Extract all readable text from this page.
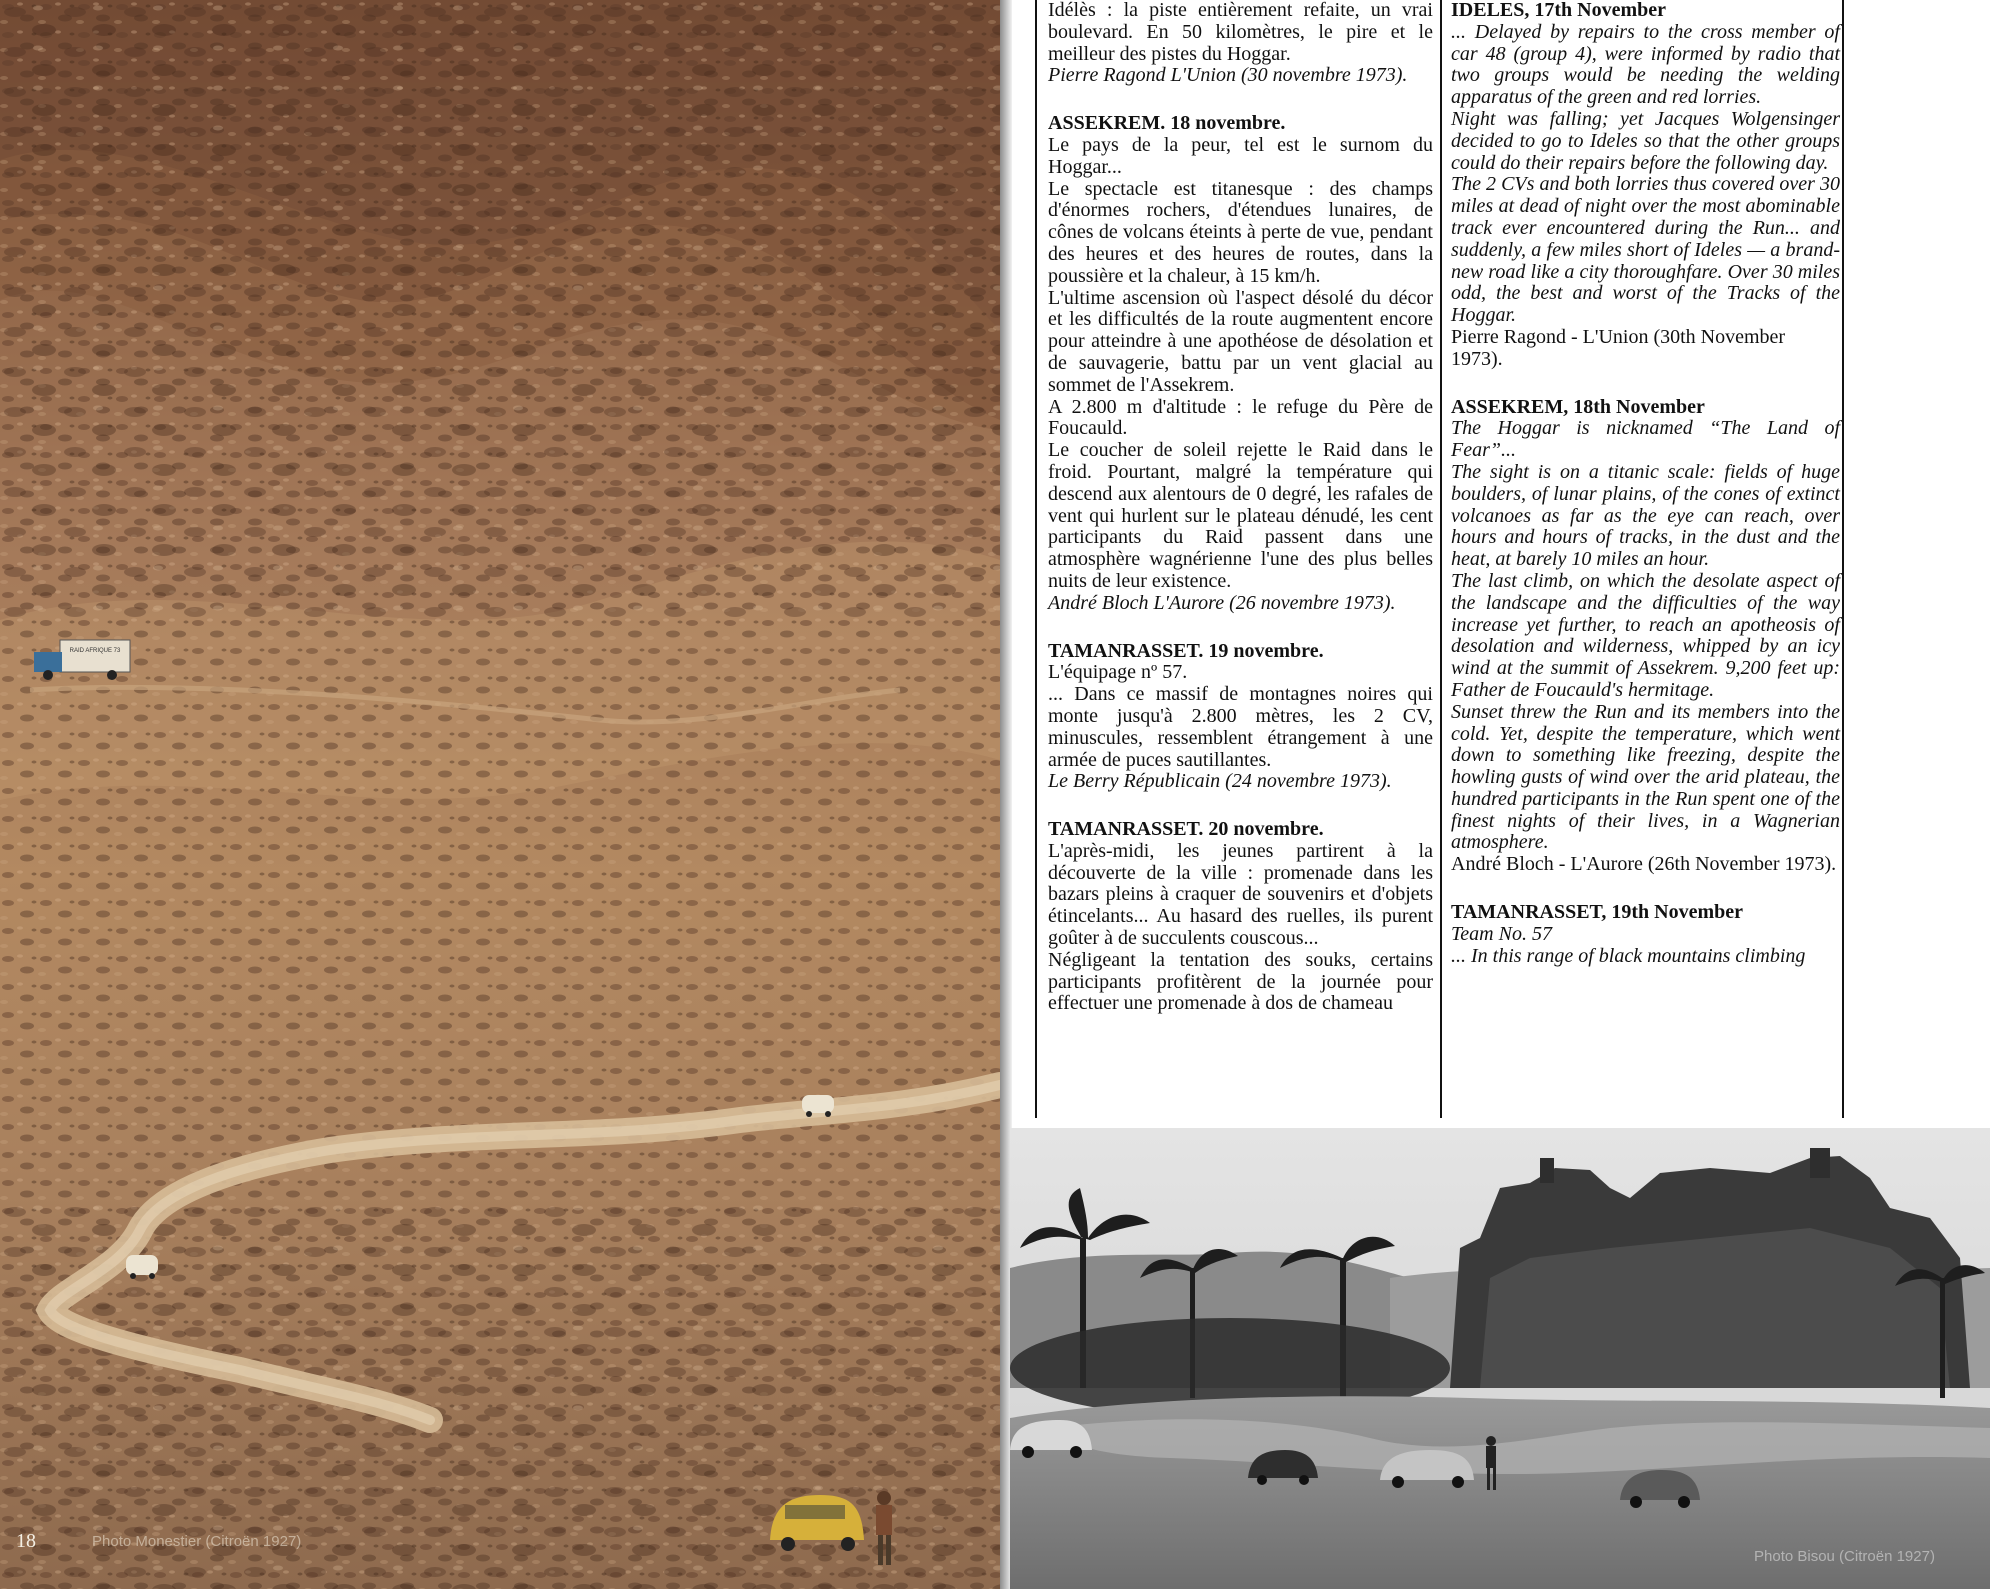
RAID AFRIQUE 73
18	Photo Monestier (Citroën 1927)
Idélès : la piste entièrement refaite, un vrai boulevard. En 50 kilomètres, le pire et le meilleur des pistes du Hoggar.
Pierre Ragond L'Union (30 novembre 1973).
ASSEKREM. 18 novembre.
Le pays de la peur, tel est le surnom du Hoggar...
Le spectacle est titanesque : des champs d'énormes rochers, d'étendues lunaires, de cônes de volcans éteints à perte de vue, pendant des heures et des heures de routes, dans la poussière et la chaleur, à 15 km/h.
L'ultime ascension où l'aspect désolé du décor et les difficultés de la route augmentent encore pour atteindre à une apothéose de désolation et de sauvagerie, battu par un vent glacial au sommet de l'Assekrem.
A 2.800 m d'altitude : le refuge du Père de Foucauld.
Le coucher de soleil rejette le Raid dans le froid. Pourtant, malgré la température qui descend aux alentours de 0 degré, les rafales de vent qui hurlent sur le plateau dénudé, les cent participants du Raid passent dans une atmosphère wagnérienne l'une des plus belles nuits de leur existence.
André Bloch L'Aurore (26 novembre 1973).
TAMANRASSET. 19 novembre.
L'équipage nº 57.
... Dans ce massif de montagnes noires qui monte jusqu'à 2.800 mètres, les 2 CV, minuscules, ressemblent étrangement à une armée de puces sautillantes.
Le Berry Républicain (24 novembre 1973).
TAMANRASSET. 20 novembre.
L'après-midi, les jeunes partirent à la découverte de la ville : promenade dans les bazars pleins à craquer de souvenirs et d'objets étincelants... Au hasard des ruelles, ils purent goûter à de succulents couscous...
Négligeant la tentation des souks, certains participants profitèrent de la journée pour effectuer une promenade à dos de chameau
IDELES, 17th November
... Delayed by repairs to the cross member of car 48 (group 4), were informed by radio that two groups would be needing the welding apparatus of the green and red lorries.
Night was falling; yet Jacques Wolgensinger decided to go to Ideles so that the other groups could do their repairs before the following day.
The 2 CVs and both lorries thus covered over 30 miles at dead of night over the most abominable track ever encountered during the Run... and suddenly, a few miles short of Ideles — a brand-new road like a city thoroughfare. Over 30 miles odd, the best and worst of the Tracks of the Hoggar.
Pierre Ragond - L'Union (30th November 1973).
ASSEKREM, 18th November
The Hoggar is nicknamed “The Land of Fear”...
The sight is on a titanic scale: fields of huge boulders, of lunar plains, of the cones of extinct volcanoes as far as the eye can reach, over hours and hours of tracks, in the dust and the heat, at barely 10 miles an hour.
The last climb, on which the desolate aspect of the landscape and the difficulties of the way increase yet further, to reach an apotheosis of desolation and wilderness, whipped by an icy wind at the summit of Assekrem. 9,200 feet up: Father de Foucauld's hermitage.
Sunset threw the Run and its members into the cold. Yet, despite the temperature, which went down to something like freezing, despite the howling gusts of wind over the arid plateau, the hundred participants in the Run spent one of the finest nights of their lives, in a Wagnerian atmosphere.
André Bloch - L'Aurore (26th November 1973).
TAMANRASSET, 19th November
Team No. 57
... In this range of black mountains climbing
Photo Bisou (Citroën 1927)
